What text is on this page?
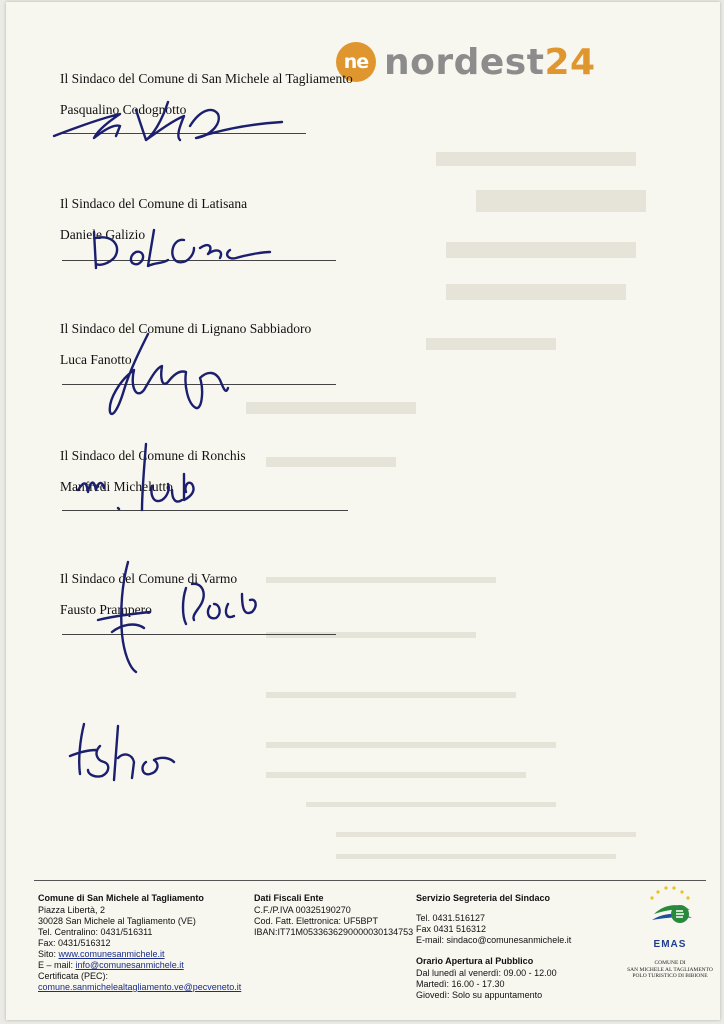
ne nordest24
Il Sindaco del Comune di San Michele al Tagliamento
Pasqualino Codognotto
Il Sindaco del Comune di Latisana
Daniele Galizio
Il Sindaco del Comune di Lignano Sabbiadoro
Luca Fanotto
Il Sindaco del Comune di Ronchis
Manfredi Michelutto
Il Sindaco del Comune di Varmo
Fausto Prampero
Comune di San Michele al Tagliamento
Piazza Libertà, 2
30028 San Michele al Tagliamento (VE)
Tel. Centralino: 0431/516311
Fax: 0431/516312
Sito: www.comunesanmichele.it
E – mail: info@comunesanmichele.it
Certificata (PEC):
comune.sanmichelealtagliamento.ve@pecveneto.it
Dati Fiscali Ente
C.F./P.IVA 00325190270
Cod. Fatt. Elettronica: UF5BPT
IBAN:IT71M0533636290000030134753
Servizio Segreteria del Sindaco
Tel. 0431.516127
Fax 0431 516312
E-mail: sindaco@comunesanmichele.it
Orario Apertura al Pubblico
Dal lunedì al venerdì: 09.00 - 12.00
Martedì: 16.00 - 17.30
Giovedì: Solo su appuntamento
EMAS
COMUNE DI
SAN MICHELE AL TAGLIAMENTO
POLO TURISTICO DI BIBIONE
